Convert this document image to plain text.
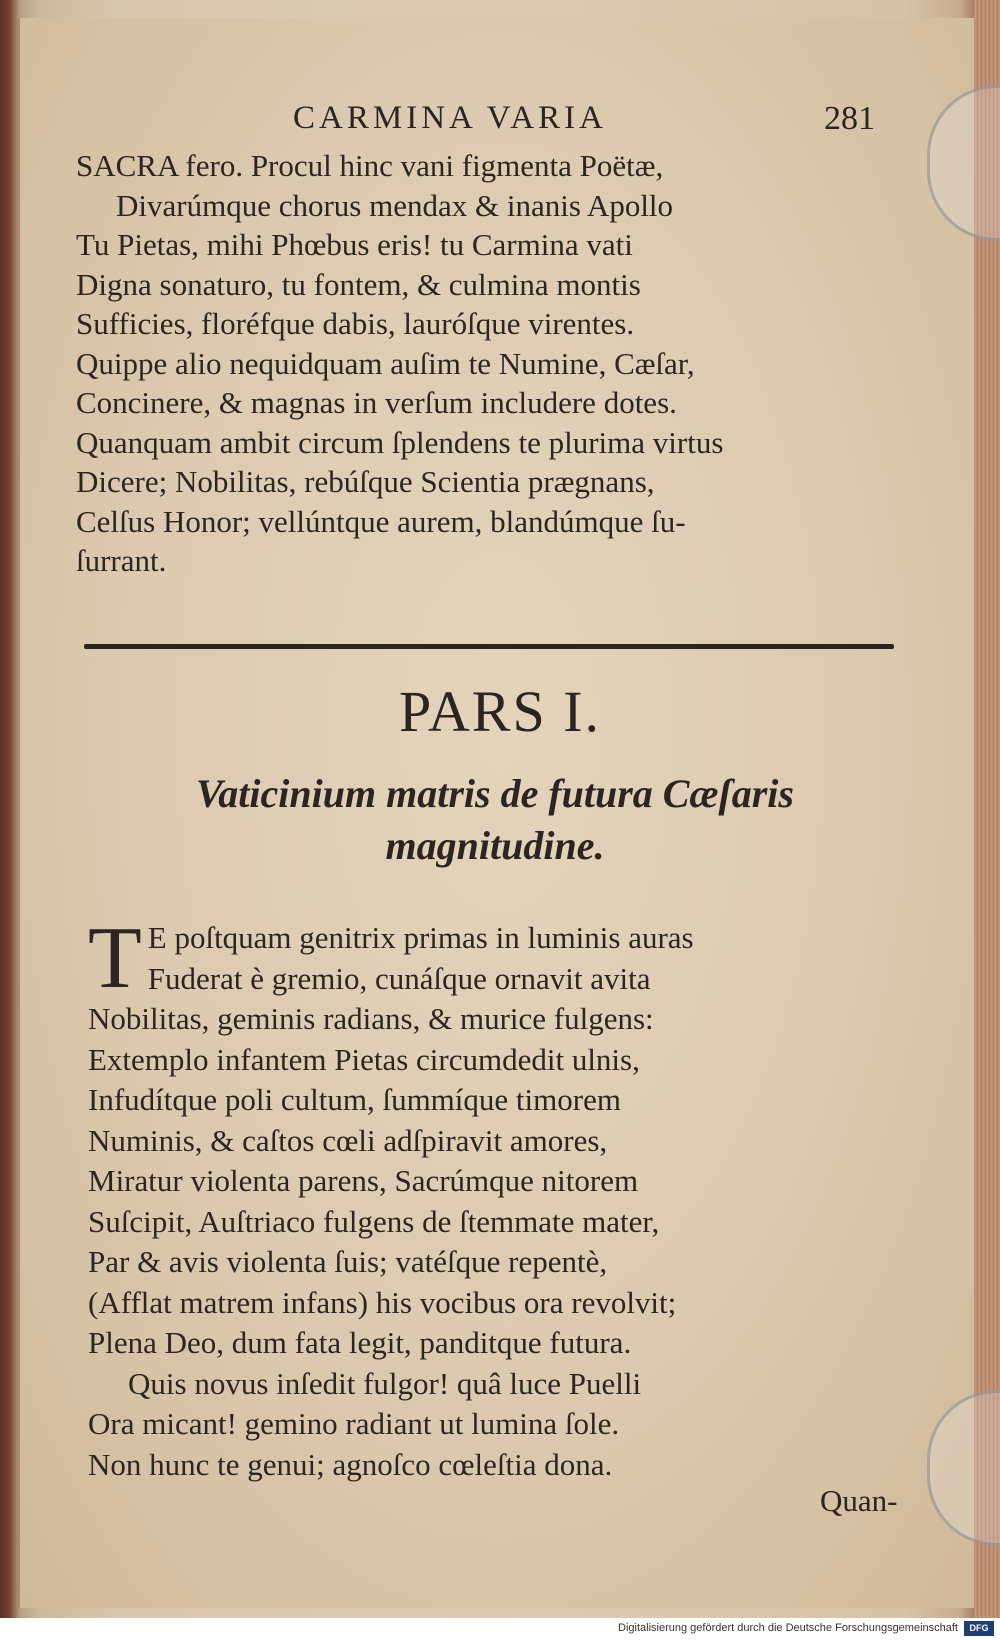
CARMINA VARIA	281
SACRA fero. Procul hinc vani figmenta Poëtæ,
Divarúmque chorus mendax & inanis Apollo
Tu Pietas, mihi Phœbus eris! tu Carmina vati
Digna sonaturo, tu fontem, & culmina montis
Sufficies, floréfque dabis, lauróſque virentes.
Quippe alio nequidquam auſim te Numine, Cæſar,
Concinere, & magnas in verſum includere dotes.
Quanquam ambit circum ſplendens te plurima virtus
Dicere; Nobilitas, rebúſque Scientia prægnans,
Celſus Honor; vellúntque aurem, blandúmque ſu-
ſurrant.
PARS I.
Vaticinium matris de futura Cæſaris
magnitudine.
T E poſtquam genitrix primas in luminis auras
Fuderat è gremio, cunáſque ornavit avita
Nobilitas, geminis radians, & murice fulgens:
Extemplo infantem Pietas circumdedit ulnis,
Infudítque poli cultum, ſummíque timorem
Numinis, & caſtos cœli adſpiravit amores,
Miratur violenta parens, Sacrúmque nitorem
Suſcipit, Auſtriaco fulgens de ſtemmate mater,
Par & avis violenta ſuis; vatéſque repentè,
(Afflat matrem infans) his vocibus ora revolvit;
Plena Deo, dum fata legit, panditque futura.
Quis novus inſedit fulgor! quâ luce Puelli
Ora micant! gemino radiant ut lumina ſole.
Non hunc te genui; agnoſco cœleſtia dona.
Quan-
Digitalisierung gefördert durch die Deutsche Forschungsgemeinschaft	DFG
